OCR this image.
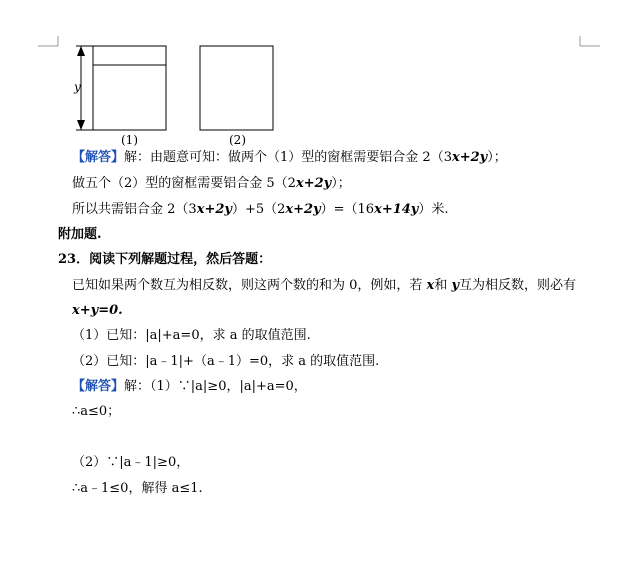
y
(1)	(2)
【解答】解：由题意可知：做两个（1）型的窗框需要铝合金 2（3x+2y）；
做五个（2）型的窗框需要铝合金 5（2x+2y）；
所以共需铝合金 2（3x+2y）+5（2x+2y）=（16x+14y）米.
附加题.
23．阅读下列解题过程，然后答题：
已知如果两个数互为相反数，则这两个数的和为 0，例如，若 x和 y互为相反数，则必有
x+y=0.
（1）已知：|a|+a=0，求 a 的取值范围.
（2）已知：|a﹣1|+（a﹣1）=0，求 a 的取值范围.
【解答】解：（1）∵|a|≥0，|a|+a=0，
∴a≤0；
（2）∵|a﹣1|≥0，
∴a﹣1≤0，解得 a≤1.
